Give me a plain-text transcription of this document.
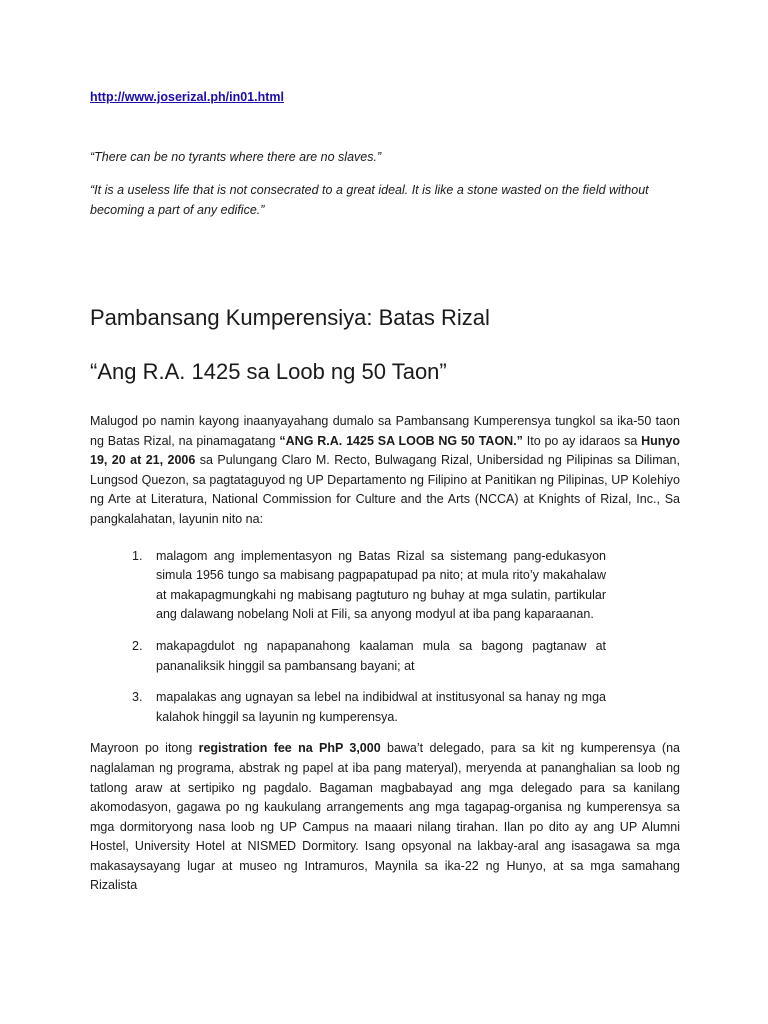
http://www.joserizal.ph/in01.html

“There can be no tyrants where there are no slaves.”

“It is a useless life that is not consecrated to a great ideal. It is like a stone wasted on the field without becoming a part of any edifice.”

Pambansang Kumperensiya: Batas Rizal
“Ang R.A. 1425 sa Loob ng 50 Taon”

Malugod po namin kayong inaanyayahang dumalo sa Pambansang Kumperensya tungkol sa ika-50 taon ng Batas Rizal, na pinamagatang “ANG R.A. 1425 SA LOOB NG 50 TAON.” Ito po ay idaraos sa Hunyo 19, 20 at 21, 2006 sa Pulungang Claro M. Recto, Bulwagang Rizal, Unibersidad ng Pilipinas sa Diliman, Lungsod Quezon, sa pagtataguyod ng UP Departamento ng Filipino at Panitikan ng Pilipinas, UP Kolehiyo ng Arte at Literatura, National Commission for Culture and the Arts (NCCA) at Knights of Rizal, Inc., Sa pangkalahatan, layunin nito na:

1. malagom ang implementasyon ng Batas Rizal sa sistemang pang-edukasyon simula 1956 tungo sa mabisang pagpapatupad pa nito; at mula rito’y makahalaw at makapagmungkahi ng mabisang pagtuturo ng buhay at mga sulatin, partikular ang dalawang nobelang Noli at Fili, sa anyong modyul at iba pang kaparaanan.
2. makapagdulot ng napapanahong kaalaman mula sa bagong pagtanaw at pananaliksik hinggil sa pambansang bayani; at
3. mapalakas ang ugnayan sa lebel na indibidwal at institusyonal sa hanay ng mga kalahok hinggil sa layunin ng kumperensya.

Mayroon po itong registration fee na PhP 3,000 bawa’t delegado, para sa kit ng kumperensya (na naglalaman ng programa, abstrak ng papel at iba pang materyal), meryenda at pananghalian sa loob ng tatlong araw at sertipiko ng pagdalo. Bagaman magbabayad ang mga delegado para sa kanilang akomodasyon, gagawa po ng kaukulang arrangements ang mga tagapag-organisa ng kumperensya sa mga dormitoryong nasa loob ng UP Campus na maaari nilang tirahan. Ilan po dito ay ang UP Alumni Hostel, University Hotel at NISMED Dormitory. Isang opsyonal na lakbay-aral ang isasagawa sa mga makasaysayang lugar at museo ng Intramuros, Maynila sa ika-22 ng Hunyo, at sa mga samahang Rizalista
